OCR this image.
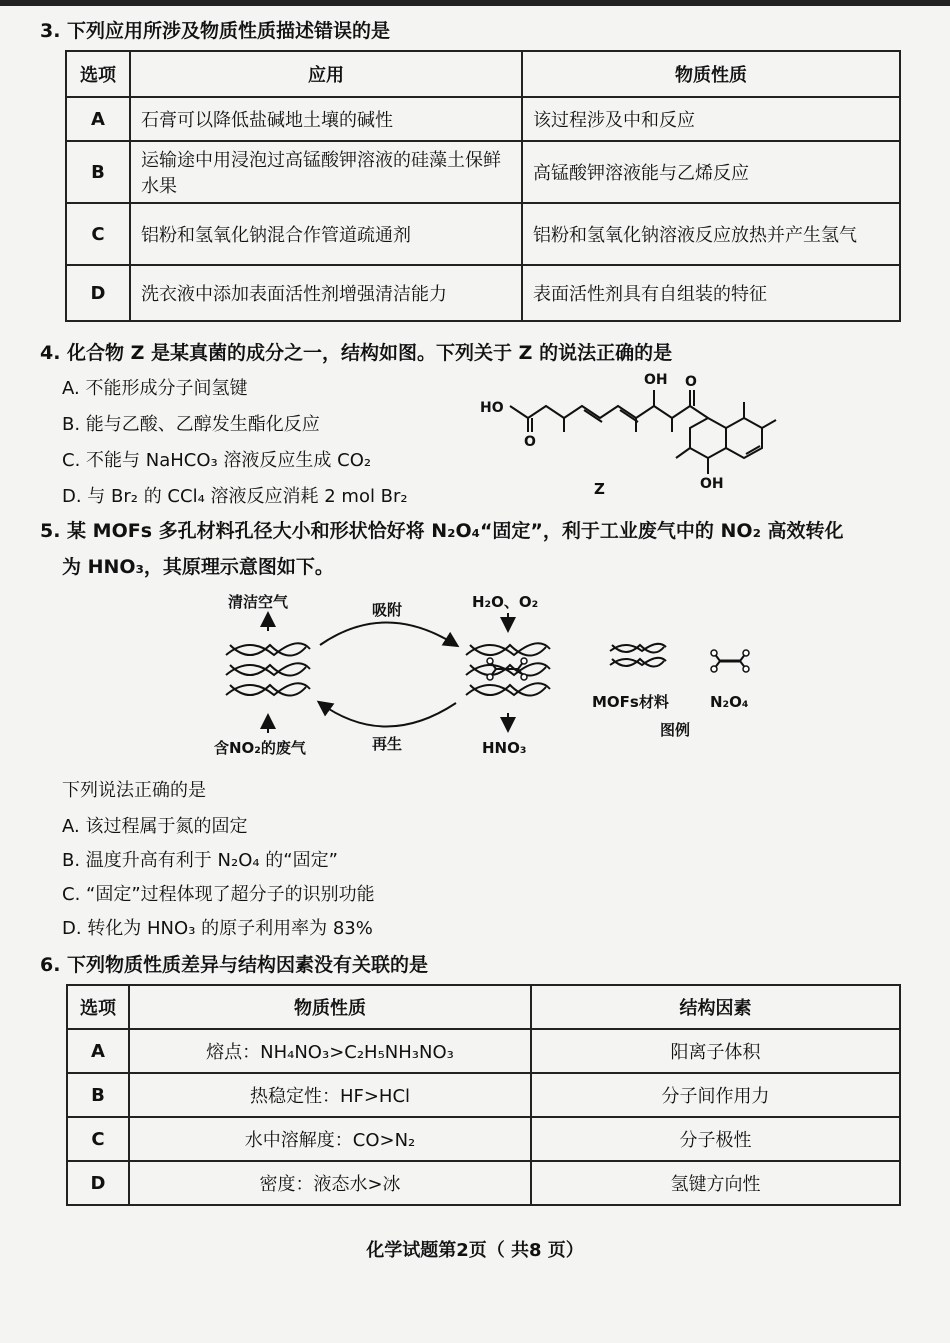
3. 下列应用所涉及物质性质描述错误的是
选项	应用	物质性质
A	石膏可以降低盐碱地土壤的碱性	该过程涉及中和反应
B	运输途中用浸泡过高锰酸钾溶液的硅藻土保鲜水果	高锰酸钾溶液能与乙烯反应
C	铝粉和氢氧化钠混合作管道疏通剂	铝粉和氢氧化钠溶液反应放热并产生氢气
D	洗衣液中添加表面活性剂增强清洁能力	表面活性剂具有自组装的特征
4. 化合物 Z 是某真菌的成分之一，结构如图。下列关于 Z 的说法正确的是
A. 不能形成分子间氢键
B. 能与乙酸、乙醇发生酯化反应
C. 不能与 NaHCO₃ 溶液反应生成 CO₂
D. 与 Br₂ 的 CCl₄ 溶液反应消耗 2 mol Br₂
HO
O
OH O
OH
Z
5. 某 MOFs 多孔材料孔径大小和形状恰好将 N₂O₄“固定”，利于工业废气中的 NO₂ 高效转化
为 HNO₃，其原理示意图如下。
清洁空气	吸附	H₂O、O₂
含NO₂的废气	再生	HNO₃
MOFs材料	N₂O₄
图例
下列说法正确的是
A. 该过程属于氮的固定
B. 温度升高有利于 N₂O₄ 的“固定”
C. “固定”过程体现了超分子的识别功能
D. 转化为 HNO₃ 的原子利用率为 83%
6. 下列物质性质差异与结构因素没有关联的是
选项	物质性质	结构因素
A	熔点：NH₄NO₃>C₂H₅NH₃NO₃	阳离子体积
B	热稳定性：HF>HCl	分子间作用力
C	水中溶解度：CO>N₂	分子极性
D	密度：液态水>冰	氢键方向性
化学试题第2页（ 共8 页）
